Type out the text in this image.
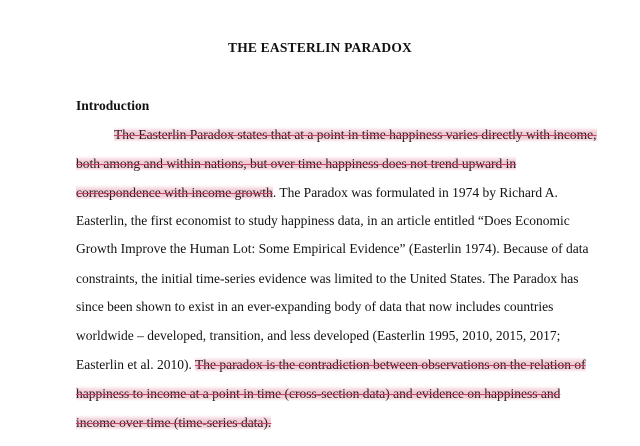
THE EASTERLIN PARADOX
Introduction
The Easterlin Paradox states that at a point in time happiness varies directly with income,
both among and within nations, but over time happiness does not trend upward in
correspondence with income growth. The Paradox was formulated in 1974 by Richard A.
Easterlin, the first economist to study happiness data, in an article entitled “Does Economic
Growth Improve the Human Lot: Some Empirical Evidence” (Easterlin 1974). Because of data
constraints, the initial time-series evidence was limited to the United States. The Paradox has
since been shown to exist in an ever-expanding body of data that now includes countries
worldwide – developed, transition, and less developed (Easterlin 1995, 2010, 2015, 2017;
Easterlin et al. 2010). The paradox is the contradiction between observations on the relation of
happiness to income at a point in time (cross-section data) and evidence on happiness and
income over time (time-series data).
